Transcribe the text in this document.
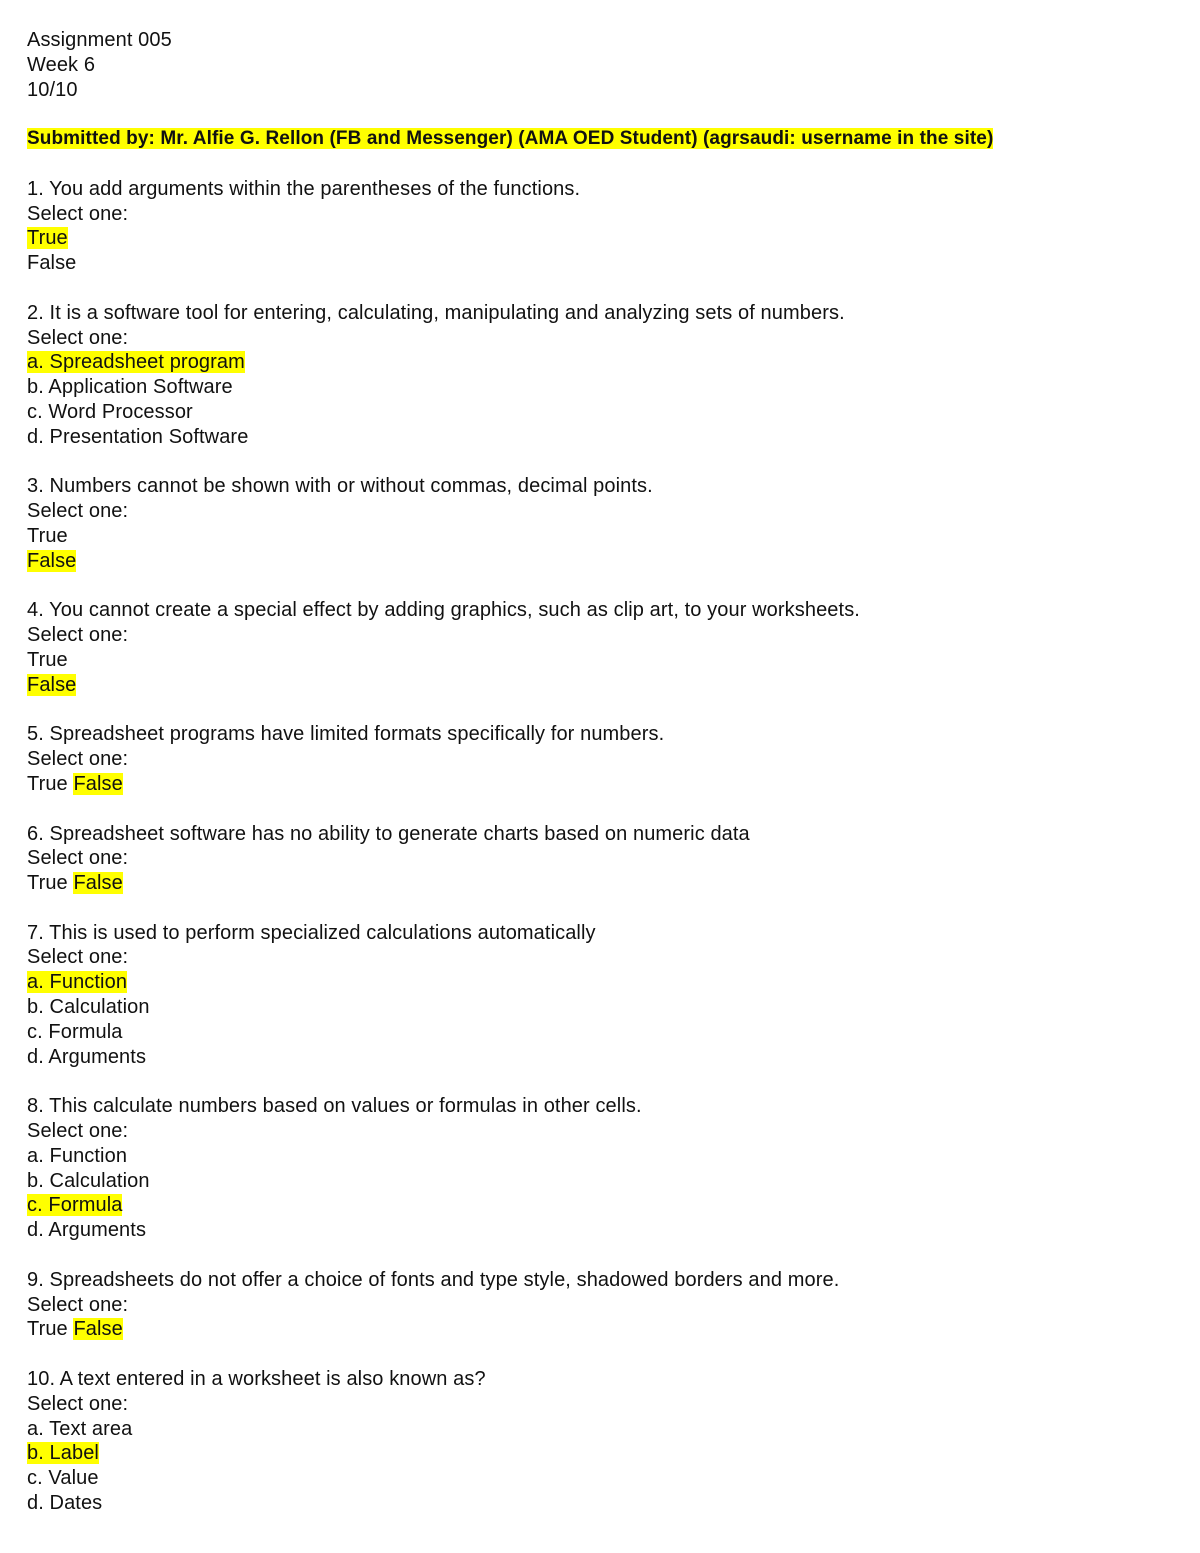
Assignment 005
Week 6
10/10
Submitted by: Mr. Alfie G. Rellon (FB and Messenger) (AMA OED Student) (agrsaudi: username in the site)
1. You add arguments within the parentheses of the functions.
Select one:
True
False
2. It is a software tool for entering, calculating, manipulating and analyzing sets of numbers.
Select one:
a. Spreadsheet program
b. Application Software
c. Word Processor
d. Presentation Software
3. Numbers cannot be shown with or without commas, decimal points.
Select one:
True
False
4. You cannot create a special effect by adding graphics, such as clip art, to your worksheets.
Select one:
True
False
5. Spreadsheet programs have limited formats specifically for numbers.
Select one:
True False
6. Spreadsheet software has no ability to generate charts based on numeric data
Select one:
True False
7. This is used to perform specialized calculations automatically
Select one:
a. Function
b. Calculation
c. Formula
d. Arguments
8. This calculate numbers based on values or formulas in other cells.
Select one:
a. Function
b. Calculation
c. Formula
d. Arguments
9. Spreadsheets do not offer a choice of fonts and type style, shadowed borders and more.
Select one:
True False
10. A text entered in a worksheet is also known as?
Select one:
a. Text area
b. Label
c. Value
d. Dates
